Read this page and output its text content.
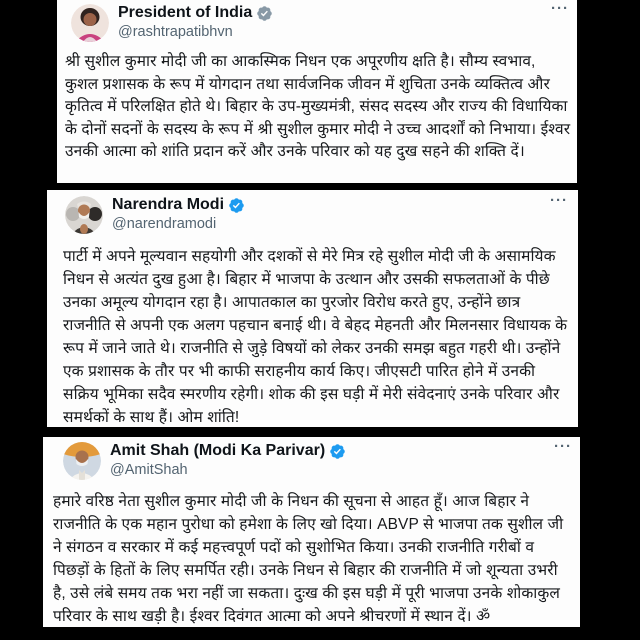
President of India
@rashtrapatibhvn
···

श्री सुशील कुमार मोदी जी का आकस्मिक निधन एक अपूरणीय क्षति है। सौम्य स्वभाव, कुशल प्रशासक के रूप में योगदान तथा सार्वजनिक जीवन में शुचिता उनके व्यक्तित्व और कृतित्व में परिलक्षित होते थे। बिहार के उप-मुख्यमंत्री, संसद सदस्य और राज्य की विधायिका के दोनों सदनों के सदस्य के रूप में श्री सुशील कुमार मोदी ने उच्च आदर्शों को निभाया। ईश्वर उनकी आत्मा को शांति प्रदान करें और उनके परिवार को यह दुख सहने की शक्ति दें।

Narendra Modi
@narendramodi
···

पार्टी में अपने मूल्यवान सहयोगी और दशकों से मेरे मित्र रहे सुशील मोदी जी के असामयिक निधन से अत्यंत दुख हुआ है। बिहार में भाजपा के उत्थान और उसकी सफलताओं के पीछे उनका अमूल्य योगदान रहा है। आपातकाल का पुरजोर विरोध करते हुए, उन्होंने छात्र राजनीति से अपनी एक अलग पहचान बनाई थी। वे बेहद मेहनती और मिलनसार विधायक के रूप में जाने जाते थे। राजनीति से जुड़े विषयों को लेकर उनकी समझ बहुत गहरी थी। उन्होंने एक प्रशासक के तौर पर भी काफी सराहनीय कार्य किए। जीएसटी पारित होने में उनकी सक्रिय भूमिका सदैव स्मरणीय रहेगी। शोक की इस घड़ी में मेरी संवेदनाएं उनके परिवार और समर्थकों के साथ हैं। ओम शांति!

Amit Shah (Modi Ka Parivar)
@AmitShah
···

हमारे वरिष्ठ नेता सुशील कुमार मोदी जी के निधन की सूचना से आहत हूँ। आज बिहार ने राजनीति के एक महान पुरोधा को हमेशा के लिए खो दिया। ABVP से भाजपा तक सुशील जी ने संगठन व सरकार में कई महत्त्वपूर्ण पदों को सुशोभित किया। उनकी राजनीति गरीबों व पिछड़ों के हितों के लिए समर्पित रही। उनके निधन से बिहार की राजनीति में जो शून्यता उभरी है, उसे लंबे समय तक भरा नहीं जा सकता। दुःख की इस घड़ी में पूरी भाजपा उनके शोकाकुल परिवार के साथ खड़ी है। ईश्वर दिवंगत आत्मा को अपने श्रीचरणों में स्थान दें। ॐ
